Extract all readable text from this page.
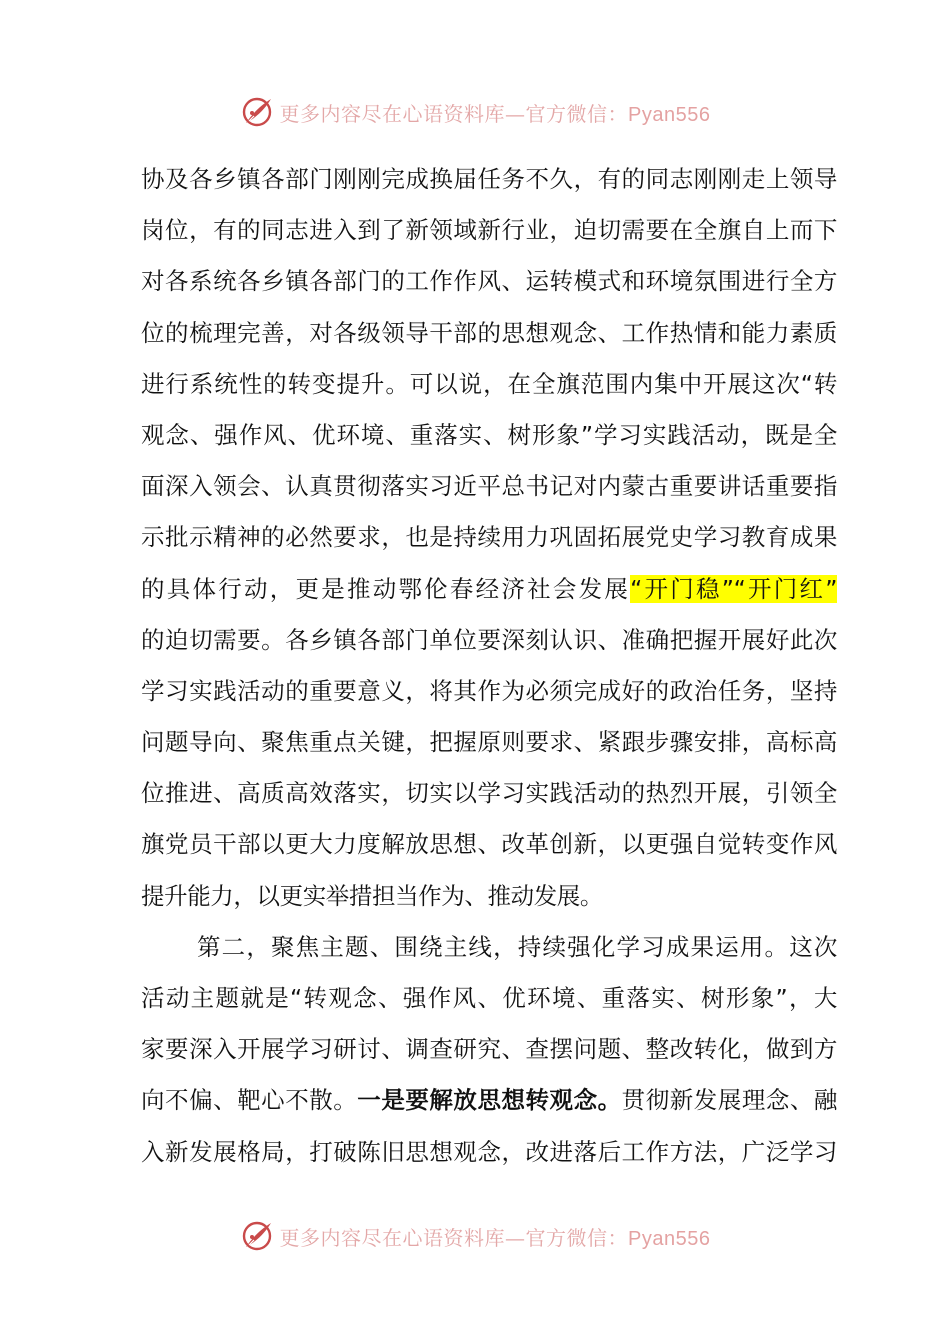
更多内容尽在心语资料库—官方微信：Pyan556
协及各乡镇各部门刚刚完成换届任务不久，有的同志刚刚走上领导
岗位，有的同志进入到了新领域新行业，迫切需要在全旗自上而下
对各系统各乡镇各部门的工作作风、运转模式和环境氛围进行全方
位的梳理完善，对各级领导干部的思想观念、工作热情和能力素质
进行系统性的转变提升。可以说，在全旗范围内集中开展这次“转
观念、强作风、优环境、重落实、树形象”学习实践活动，既是全
面深入领会、认真贯彻落实习近平总书记对内蒙古重要讲话重要指
示批示精神的必然要求，也是持续用力巩固拓展党史学习教育成果
的具体行动，更是推动鄂伦春经济社会发展“开门稳”“开门红”
的迫切需要。各乡镇各部门单位要深刻认识、准确把握开展好此次
学习实践活动的重要意义，将其作为必须完成好的政治任务，坚持
问题导向、聚焦重点关键，把握原则要求、紧跟步骤安排，高标高
位推进、高质高效落实，切实以学习实践活动的热烈开展，引领全
旗党员干部以更大力度解放思想、改革创新，以更强自觉转变作风
提升能力，以更实举措担当作为、推动发展。
第二，聚焦主题、围绕主线，持续强化学习成果运用。这次
活动主题就是“转观念、强作风、优环境、重落实、树形象”，大
家要深入开展学习研讨、调查研究、查摆问题、整改转化，做到方
向不偏、靶心不散。一是要解放思想转观念。贯彻新发展理念、融
入新发展格局，打破陈旧思想观念，改进落后工作方法，广泛学习
更多内容尽在心语资料库—官方微信：Pyan556
